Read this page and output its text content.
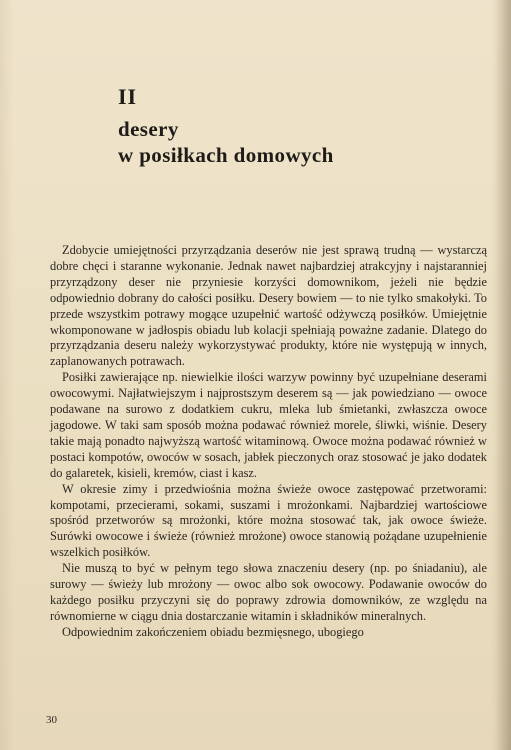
II
desery
w posiłkach domowych

Zdobycie umiejętności przyrządzania deserów nie jest sprawą trudną — wystarczą dobre chęci i staranne wykonanie. Jednak nawet najbardziej atrakcyjny i najstaranniej przyrządzony deser nie przyniesie korzyści domownikom, jeżeli nie będzie odpowiednio dobrany do całości posiłku. Desery bowiem — to nie tylko smakołyki. To przede wszystkim potrawy mogące uzupełnić wartość odżywczą posiłków. Umiejętnie wkomponowane w jadłospis obiadu lub kolacji spełniają poważne zadanie. Dlatego do przyrządzania deseru należy wykorzystywać produkty, które nie występują w innych, zaplanowanych potrawach.

Posiłki zawierające np. niewielkie ilości warzyw powinny być uzupełniane deserami owocowymi. Najłatwiejszym i najprostszym deserem są — jak powiedziano — owoce podawane na surowo z dodatkiem cukru, mleka lub śmietanki, zwłaszcza owoce jagodowe. W taki sam sposób można podawać również morele, śliwki, wiśnie. Desery takie mają ponadto najwyższą wartość witaminową. Owoce można podawać również w postaci kompotów, owoców w sosach, jabłek pieczonych oraz stosować je jako dodatek do galaretek, kisieli, kremów, ciast i kasz.

W okresie zimy i przedwiośnia można świeże owoce zastępować przetworami: kompotami, przecierami, sokami, suszami i mrożonkami. Najbardziej wartościowe spośród przetworów są mrożonki, które można stosować tak, jak owoce świeże. Surówki owocowe i świeże (również mrożone) owoce stanowią pożądane uzupełnienie wszelkich posiłków.

Nie muszą to być w pełnym tego słowa znaczeniu desery (np. po śniadaniu), ale surowy — świeży lub mrożony — owoc albo sok owocowy. Podawanie owoców do każdego posiłku przyczyni się do poprawy zdrowia domowników, ze względu na równomierne w ciągu dnia dostarczanie witamin i składników mineralnych.

Odpowiednim zakończeniem obiadu bezmięsnego, ubogiego

30
